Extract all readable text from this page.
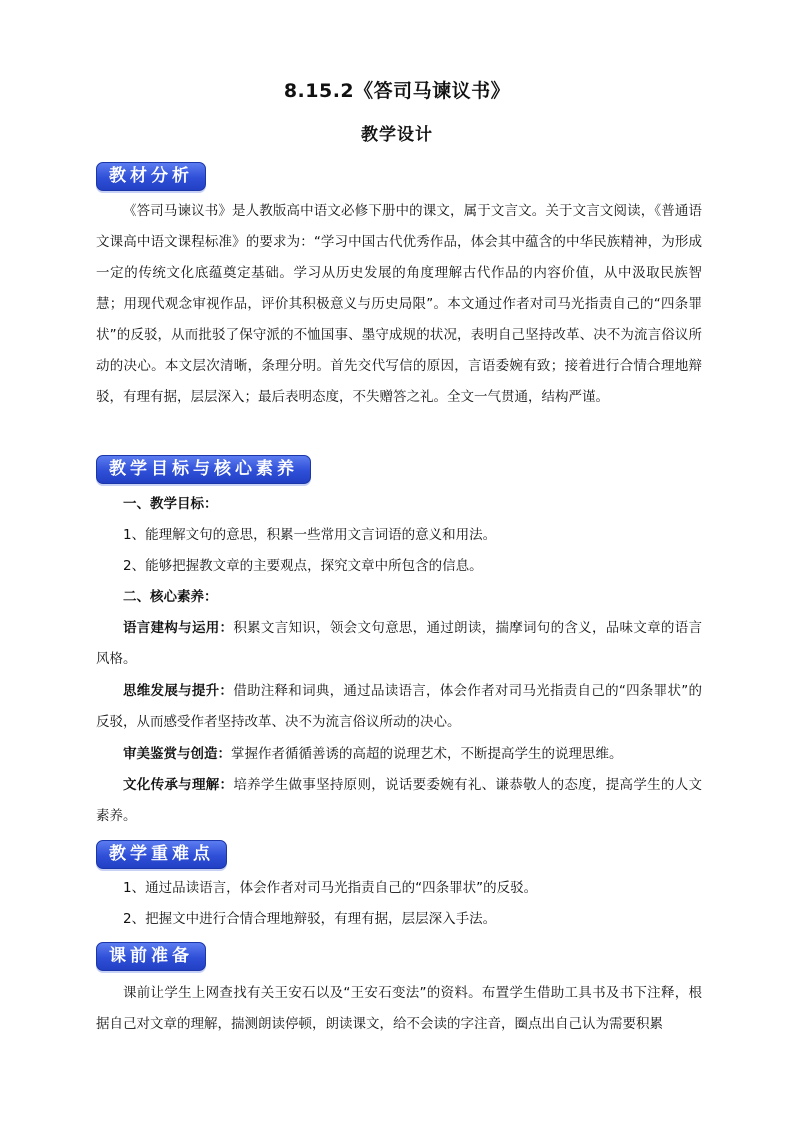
8.15.2《答司马谏议书》
教学设计
教材分析
《答司马谏议书》是人教版高中语文必修下册中的课文，属于文言文。关于文言文阅读，《普通语文课高中语文课程标准》的要求为：“学习中国古代优秀作品，体会其中蕴含的中华民族精神，为形成一定的传统文化底蕴奠定基础。学习从历史发展的角度理解古代作品的内容价值，从中汲取民族智慧；用现代观念审视作品，评价其积极意义与历史局限”。本文通过作者对司马光指责自己的“四条罪状”的反驳，从而批驳了保守派的不恤国事、墨守成规的状况，表明自己坚持改革、决不为流言俗议所动的决心。本文层次清晰，条理分明。首先交代写信的原因，言语委婉有致；接着进行合情合理地辩驳，有理有据，层层深入；最后表明态度，不失赠答之礼。全文一气贯通，结构严谨。
教学目标与核心素养
一、教学目标：
1、能理解文句的意思，积累一些常用文言词语的意义和用法。
2、能够把握教文章的主要观点，探究文章中所包含的信息。
二、核心素养：
语言建构与运用：积累文言知识，领会文句意思，通过朗读，揣摩词句的含义，品味文章的语言风格。
思维发展与提升：借助注释和词典，通过品读语言，体会作者对司马光指责自己的“四条罪状”的反驳，从而感受作者坚持改革、决不为流言俗议所动的决心。
审美鉴赏与创造：掌握作者循循善诱的高超的说理艺术，不断提高学生的说理思维。
文化传承与理解：培养学生做事坚持原则，说话要委婉有礼、谦恭敬人的态度，提高学生的人文素养。
教学重难点
1、通过品读语言，体会作者对司马光指责自己的“四条罪状”的反驳。
2、把握文中进行合情合理地辩驳，有理有据，层层深入手法。
课前准备
课前让学生上网查找有关王安石以及“王安石变法”的资料。布置学生借助工具书及书下注释，根据自己对文章的理解，揣测朗读停顿，朗读课文，给不会读的字注音，圈点出自己认为需要积累
